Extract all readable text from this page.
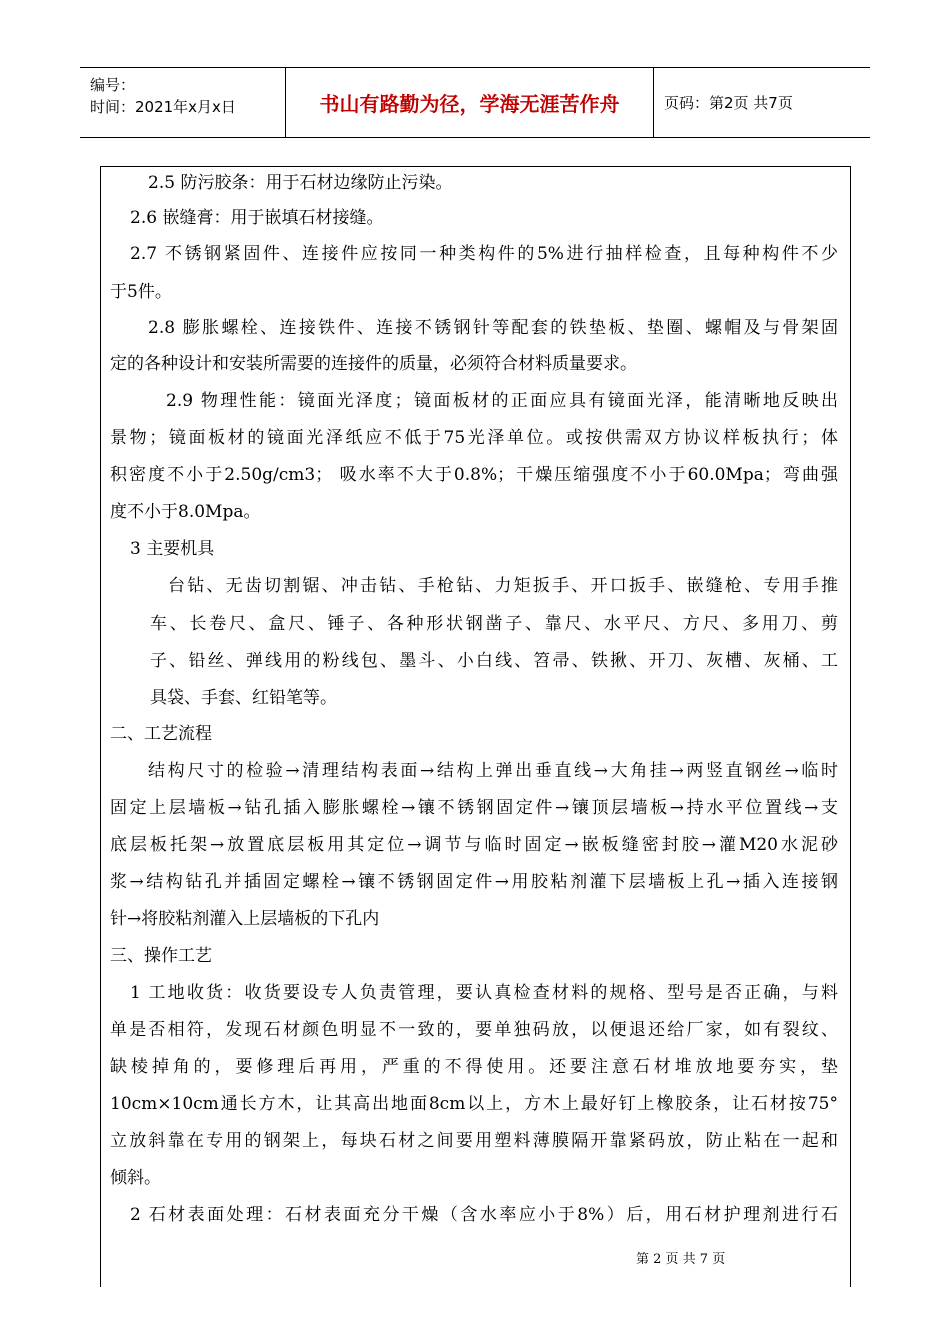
编号：
时间：2021年x月x日	书山有路勤为径，学海无涯苦作舟	页码：第2页 共7页
2.5 防污胶条：用于石材边缘防止污染。
2.6 嵌缝膏：用于嵌填石材接缝。
2.7 不锈钢紧固件、连接件应按同一种类构件的5%进行抽样检查，且每种构件不少
于5件。
2.8 膨胀螺栓、连接铁件、连接不锈钢针等配套的铁垫板、垫圈、螺帽及与骨架固
定的各种设计和安装所需要的连接件的质量，必须符合材料质量要求。
2.9 物理性能：镜面光泽度；镜面板材的正面应具有镜面光泽，能清晰地反映出
景物；镜面板材的镜面光泽纸应不低于75光泽单位。或按供需双方协议样板执行；体
积密度不小于2.50g/cm3； 吸水率不大于0.8%；干燥压缩强度不小于60.0Mpa；弯曲强
度不小于8.0Mpa。
3 主要机具
台钻、无齿切割锯、冲击钻、手枪钻、力矩扳手、开口扳手、嵌缝枪、专用手推
车、长卷尺、盒尺、锤子、各种形状钢凿子、靠尺、水平尺、方尺、多用刀、剪
子、铅丝、弹线用的粉线包、墨斗、小白线、笤帚、铁揪、开刀、灰槽、灰桶、工
具袋、手套、红铅笔等。
二、工艺流程
结构尺寸的检验→清理结构表面→结构上弹出垂直线→大角挂→两竖直钢丝→临时
固定上层墙板→钻孔插入膨胀螺栓→镶不锈钢固定件→镶顶层墙板→持水平位置线→支
底层板托架→放置底层板用其定位→调节与临时固定→嵌板缝密封胶→灌M20水泥砂
浆→结构钻孔并插固定螺栓→镶不锈钢固定件→用胶粘剂灌下层墙板上孔→插入连接钢
针→将胶粘剂灌入上层墙板的下孔内
三、操作工艺
1 工地收货：收货要设专人负责管理，要认真检查材料的规格、型号是否正确，与料
单是否相符，发现石材颜色明显不一致的，要单独码放，以便退还给厂家，如有裂纹、
缺棱掉角的，要修理后再用，严重的不得使用。还要注意石材堆放地要夯实，垫
10cm×10cm通长方木，让其高出地面8cm以上，方木上最好钉上橡胶条，让石材按75°
立放斜靠在专用的钢架上，每块石材之间要用塑料薄膜隔开靠紧码放，防止粘在一起和
倾斜。
2 石材表面处理：石材表面充分干燥（含水率应小于8%）后，用石材护理剂进行石
第 2 页 共 7 页
